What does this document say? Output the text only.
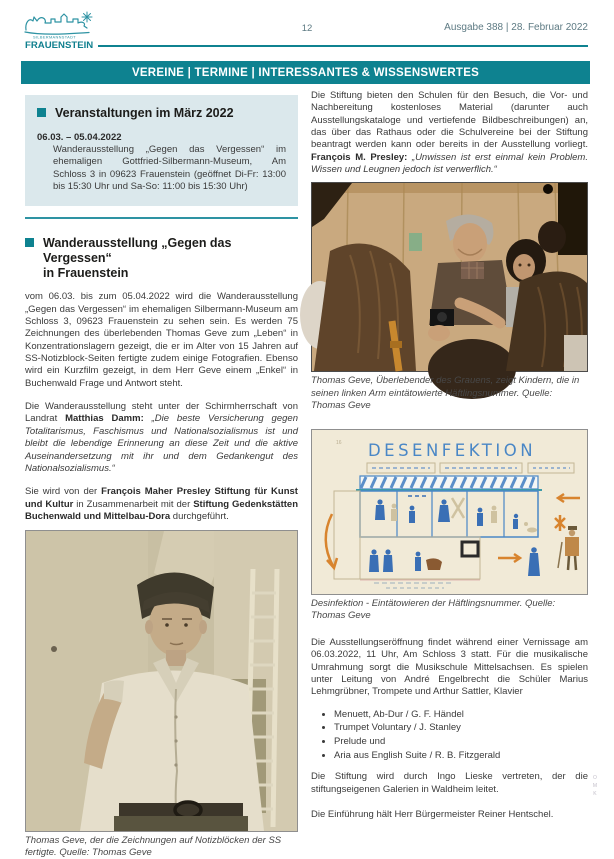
SILBERMANNSTADT
FRAUENSTEIN
12	Ausgabe 388 | 28. Februar 2022
VEREINE | TERMINE | INTERESSANTES & WISSENSWERTES
Veranstaltungen im März 2022
06.03. – 05.04.2022
Wanderausstellung „Gegen das Vergessen“ im ehemaligen Gottfried-Silbermann-Museum, Am Schloss 3 in 09623 Frauenstein (geöffnet Di-Fr: 13:00 bis 15:30 Uhr und Sa-So: 11:00 bis 15:30 Uhr)
Wanderausstellung „Gegen das Vergessen“
in Frauenstein

vom 06.03. bis zum 05.04.2022 wird die Wanderausstellung „Gegen das Vergessen“ im ehemaligen Silbermann-Museum am Schloss 3, 09623 Frauenstein zu sehen sein. Es werden 75 Zeichnungen des überlebenden Thomas Geve zum „Leben“ in Konzentrationslagern gezeigt, die er im Alter von 15 Jahren auf SS-Notizblock-Seiten fertigte zudem einige Fotografien. Ebenso wird ein Kurzfilm gezeigt, in dem Herr Geve einem „Enkel“ in Buchenwald Frage und Antwort steht.

Die Wanderausstellung steht unter der Schirmherrschaft von Landrat Matthias Damm: „Die beste Versicherung gegen Totalitarismus, Faschismus und Nationalsozialismus ist und bleibt die lebendige Erinnerung an diese Zeit und die aktive Auseinandersetzung mit ihr und dem Gedankengut des Nationalsozialismus.“

Sie wird von der François Maher Presley Stiftung für Kunst und Kultur in Zusammenarbeit mit der Stiftung Gedenkstätten Buchenwald und Mittelbau-Dora durchgeführt.

Thomas Geve, der die Zeichnungen auf Notizblöcken der SS fertigte. Quelle: Thomas Geve

Die Stiftung bieten den Schulen für den Besuch, die Vor- und Nachbereitung kostenloses Material (darunter auch Ausstellungskataloge und vertiefende Bildbeschreibungen) an, das über das Rathaus oder die Schulvereine bei der Stiftung beantragt werden kann oder bereits in der Ausstellung vorliegt. François M. Presley: „Unwissen ist erst einmal kein Problem. Wissen und Leugnen jedoch ist verwerflich.“

Thomas Geve, Überlebender des Grauens, zeigt Kindern, die in seinen linken Arm eintätowierte Häftlingsnummer. Quelle: Thomas Geve
16 DESENFEKTION
Desinfektion - Eintätowieren der Häftlingsnummer. Quelle: Thomas Geve

Die Ausstellungseröffnung findet während einer Vernissage am 06.03.2022, 11 Uhr, Am Schloss 3 statt. Für die musikalische Umrahmung sorgt die Musikschule Mittelsachsen. Es spielen unter Leitung von André Engelbrecht die Schüler Marius Lehmgrübner, Trompete und Arthur Sattler, Klavier

• Menuett, Ab-Dur / G. F. Händel
• Trumpet Voluntary / J. Stanley
• Prelude und
• Aria aus English Suite / R. B. Fitzgerald

Die Stiftung wird durch Ingo Lieske vertreten, der die stiftungseigenen Galerien in Waldheim leitet.

Die Einführung hält Herr Bürgermeister Reiner Hentschel.

O
M
K
